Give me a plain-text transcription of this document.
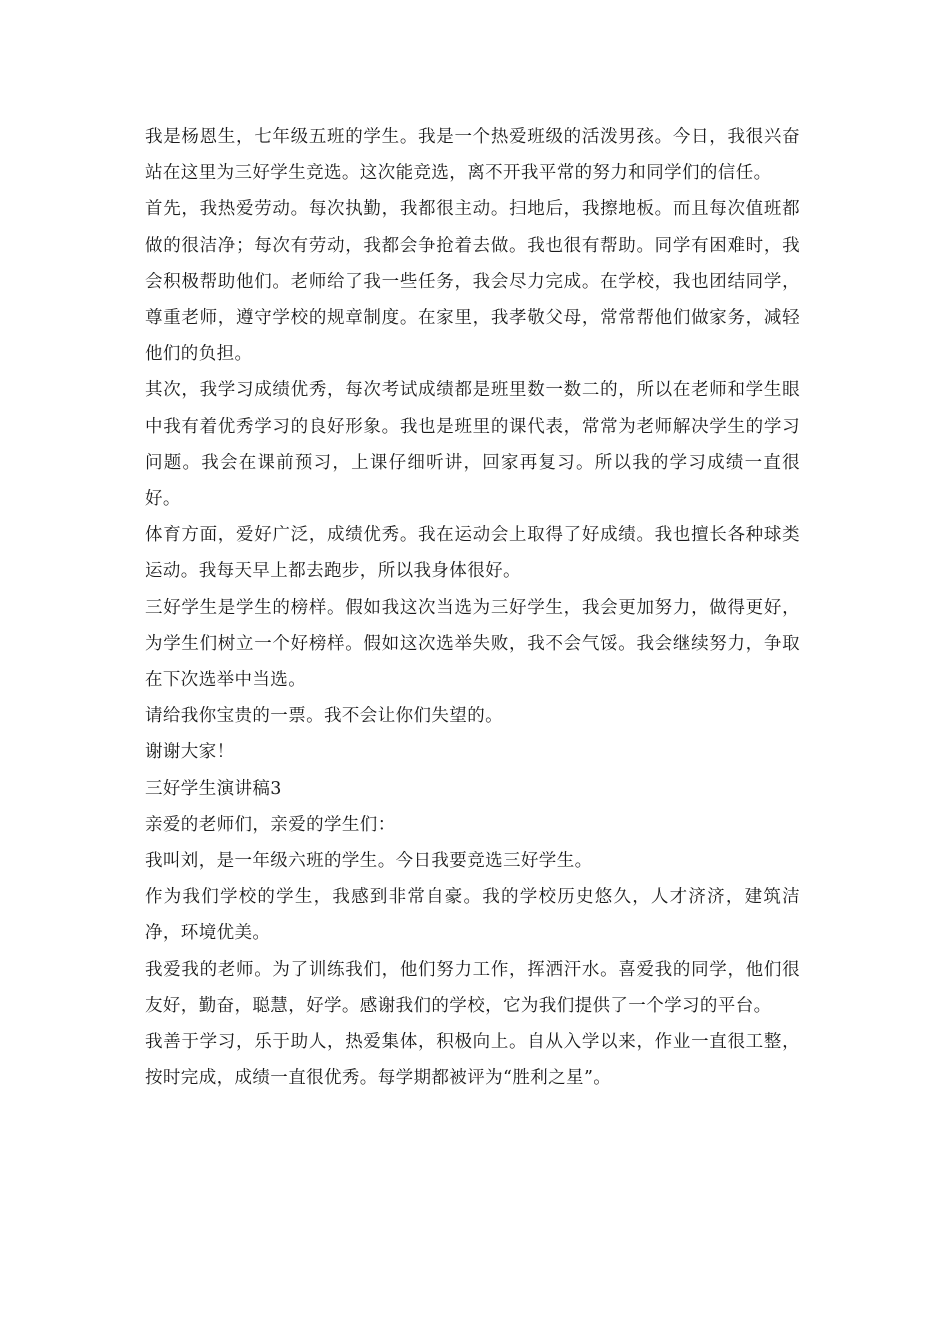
我是杨恩生，七年级五班的学生。我是一个热爱班级的活泼男孩。今日，我很兴奋站在这里为三好学生竞选。这次能竞选，离不开我平常的努力和同学们的信任。

首先，我热爱劳动。每次执勤，我都很主动。扫地后，我擦地板。而且每次值班都做的很洁净；每次有劳动，我都会争抢着去做。我也很有帮助。同学有困难时，我会积极帮助他们。老师给了我一些任务，我会尽力完成。在学校，我也团结同学，尊重老师，遵守学校的规章制度。在家里，我孝敬父母，常常帮他们做家务，减轻他们的负担。

其次，我学习成绩优秀，每次考试成绩都是班里数一数二的，所以在老师和学生眼中我有着优秀学习的良好形象。我也是班里的课代表，常常为老师解决学生的学习问题。我会在课前预习，上课仔细听讲，回家再复习。所以我的学习成绩一直很好。

体育方面，爱好广泛，成绩优秀。我在运动会上取得了好成绩。我也擅长各种球类运动。我每天早上都去跑步，所以我身体很好。

三好学生是学生的榜样。假如我这次当选为三好学生，我会更加努力，做得更好，为学生们树立一个好榜样。假如这次选举失败，我不会气馁。我会继续努力，争取在下次选举中当选。

请给我你宝贵的一票。我不会让你们失望的。

谢谢大家！

三好学生演讲稿3

亲爱的老师们，亲爱的学生们：

我叫刘，是一年级六班的学生。今日我要竞选三好学生。

作为我们学校的学生，我感到非常自豪。我的学校历史悠久，人才济济，建筑洁净，环境优美。

我爱我的老师。为了训练我们，他们努力工作，挥洒汗水。喜爱我的同学，他们很友好，勤奋，聪慧，好学。感谢我们的学校，它为我们提供了一个学习的平台。

我善于学习，乐于助人，热爱集体，积极向上。自从入学以来，作业一直很工整，按时完成，成绩一直很优秀。每学期都被评为“胜利之星”。
